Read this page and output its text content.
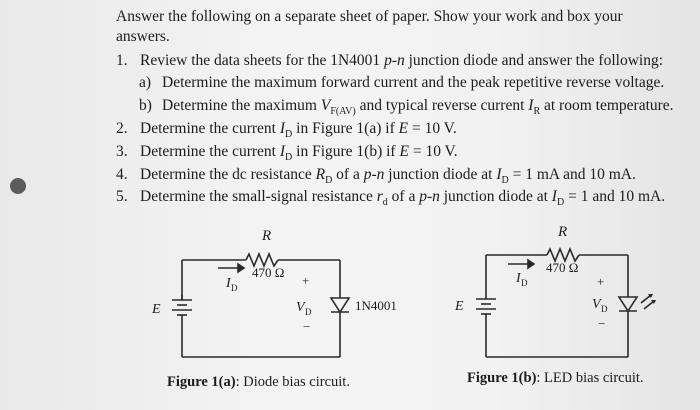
Answer the following on a separate sheet of paper. Show your work and box your
answers.
1. Review the data sheets for the 1N4001 p-n junction diode and answer the following:
a) Determine the maximum forward current and the peak repetitive reverse voltage.
b) Determine the maximum $V_{F(AV)}$ and typical reverse current $I_R$ at room temperature.
2. Determine the current $I_D$ in Figure 1(a) if E = 10 V.
3. Determine the current $I_D$ in Figure 1(b) if E = 10 V.
4. Determine the dc resistance $R_D$ of a p-n junction diode at $I_D = 1$ mA and 10 mA.
5. Determine the small-signal resistance $r_d$ of a p-n junction diode at $I_D = 1$ and 10 mA.
R
470 Ω
I D	+
V D
−
1N4001
E
R
470 Ω
I D	+
V D
−
E
Figure 1(a): Diode bias circuit.	Figure 1(b): LED bias circuit.
